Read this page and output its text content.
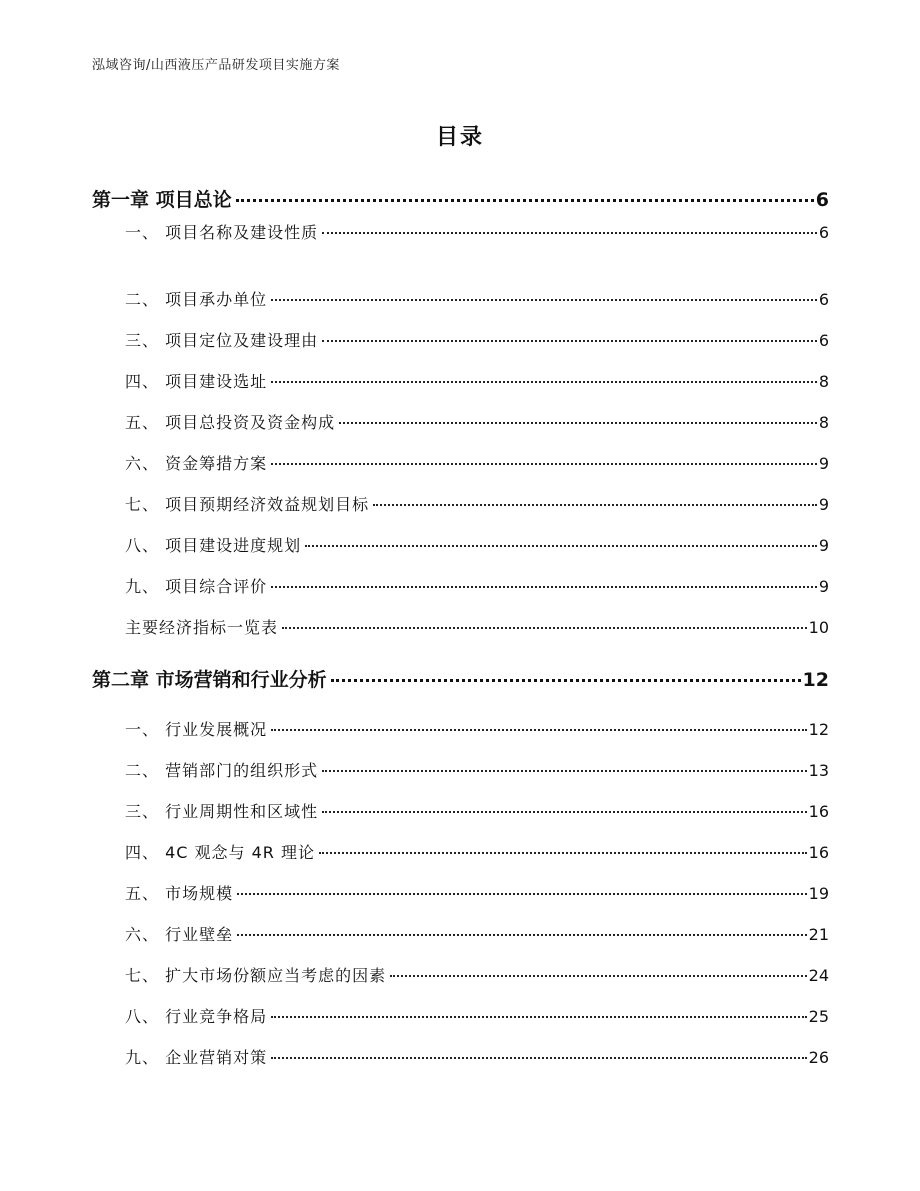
泓域咨询/山西液压产品研发项目实施方案
目录
第一章 项目总论	6
一、 项目名称及建设性质	6
二、 项目承办单位	6
三、 项目定位及建设理由	6
四、 项目建设选址	8
五、 项目总投资及资金构成	8
六、 资金筹措方案	9
七、 项目预期经济效益规划目标	9
八、 项目建设进度规划	9
九、 项目综合评价	9
主要经济指标一览表	10
第二章 市场营销和行业分析	12
一、 行业发展概况	12
二、 营销部门的组织形式	13
三、 行业周期性和区域性	16
四、 4C 观念与 4R 理论	16
五、 市场规模	19
六、 行业壁垒	21
七、 扩大市场份额应当考虑的因素	24
八、 行业竞争格局	25
九、 企业营销对策	26
